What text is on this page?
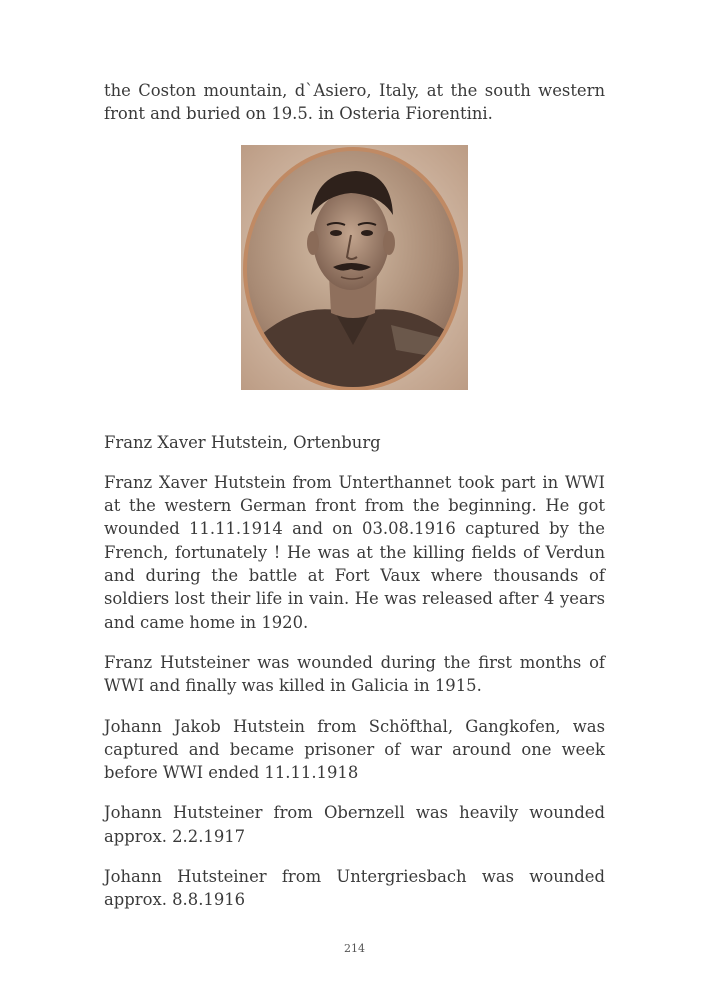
the Coston mountain, d`Asiero, Italy, at the south western front and buried on 19.5. in Osteria Fiorentini.

Franz Xaver Hutstein, Ortenburg

Franz Xaver Hutstein from Unterthannet took part in WWI at the western German front from the beginning. He got wounded 11.11.1914 and on 03.08.1916 captured by the French, fortunately ! He was at the killing fields of Verdun and during the battle at Fort Vaux where thousands of soldiers lost their life in vain. He was released after 4 years and came home in 1920.

Franz Hutsteiner was wounded during the first months of WWI and finally was killed in Galicia in 1915.

Johann Jakob Hutstein from Schöfthal, Gangkofen, was captured and became prisoner of war around one week before WWI ended 11.11.1918

Johann Hutsteiner from Obernzell was heavily wounded approx. 2.2.1917

Johann Hutsteiner from Untergriesbach was wounded approx. 8.8.1916

214
